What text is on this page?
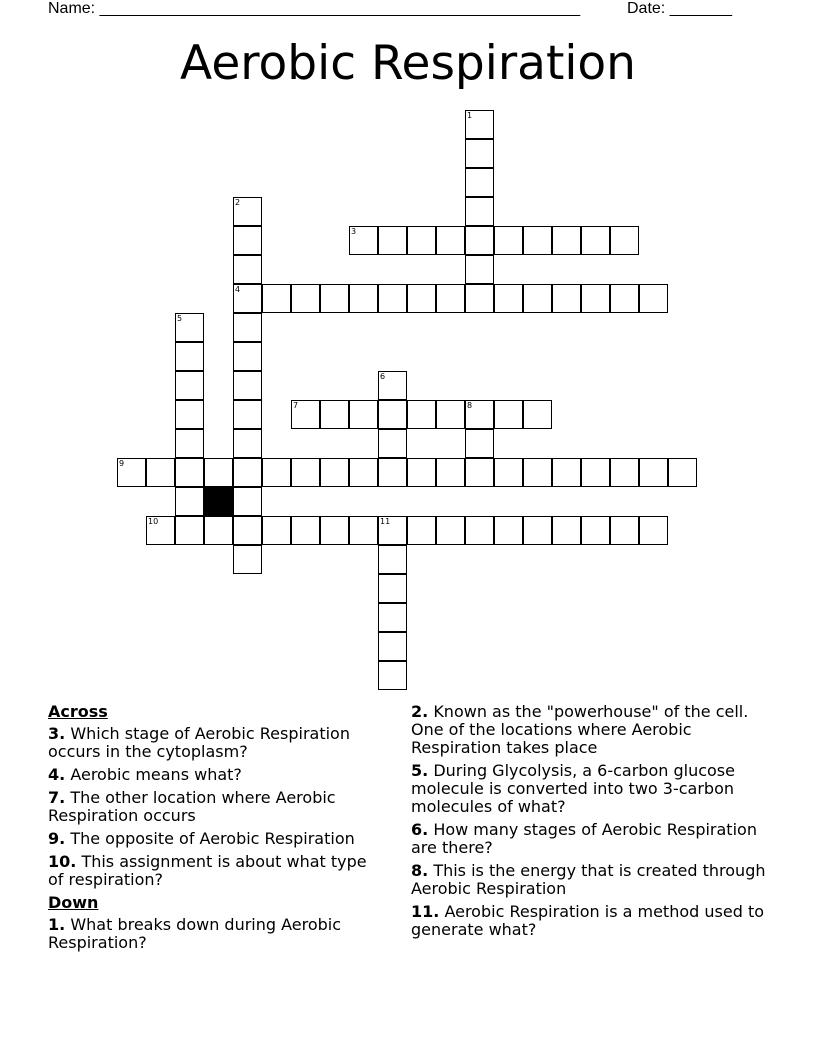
Name: ______________________________________________________	Date: _______
Aerobic Respiration
1
2
4
3
5
6
7	8
9
10	11
Across
3. Which stage of Aerobic Respiration occurs in the cytoplasm?
4. Aerobic means what?
7. The other location where Aerobic Respiration occurs
9. The opposite of Aerobic Respiration
10. This assignment is about what type of respiration?
Down
1. What breaks down during Aerobic Respiration?
2. Known as the "powerhouse" of the cell. One of the locations where Aerobic Respiration takes place
5. During Glycolysis, a 6-carbon glucose molecule is converted into two 3-carbon molecules of what?
6. How many stages of Aerobic Respiration are there?
8. This is the energy that is created through Aerobic Respiration
11. Aerobic Respiration is a method used to generate what?
